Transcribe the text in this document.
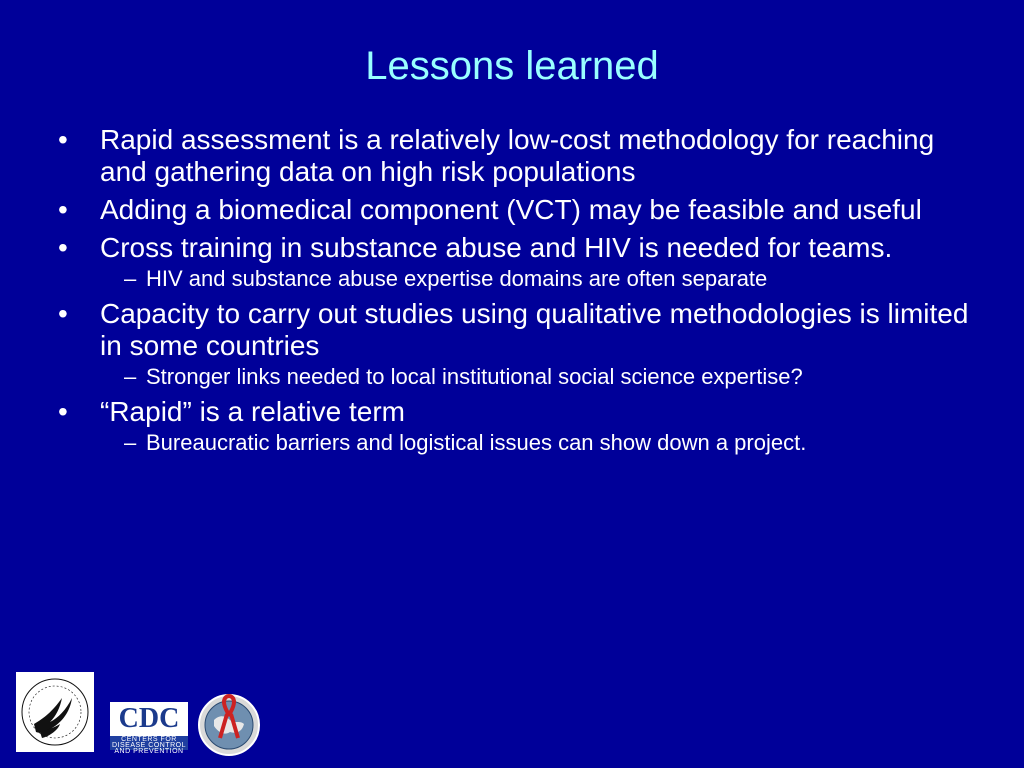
Lessons learned
•	Rapid assessment is a relatively low-cost methodology for reaching and gathering data on high risk populations
•	Adding a biomedical component (VCT) may be feasible and useful
•	Cross training in substance abuse and HIV is needed for teams.
– HIV and substance abuse expertise domains are often separate
•	Capacity to carry out studies using qualitative methodologies is limited in some countries
– Stronger links needed to local institutional social science expertise?
•	“Rapid” is a relative term
– Bureaucratic barriers and logistical issues can show down a project.
CDC
CENTERS FOR DISEASE CONTROL AND PREVENTION
